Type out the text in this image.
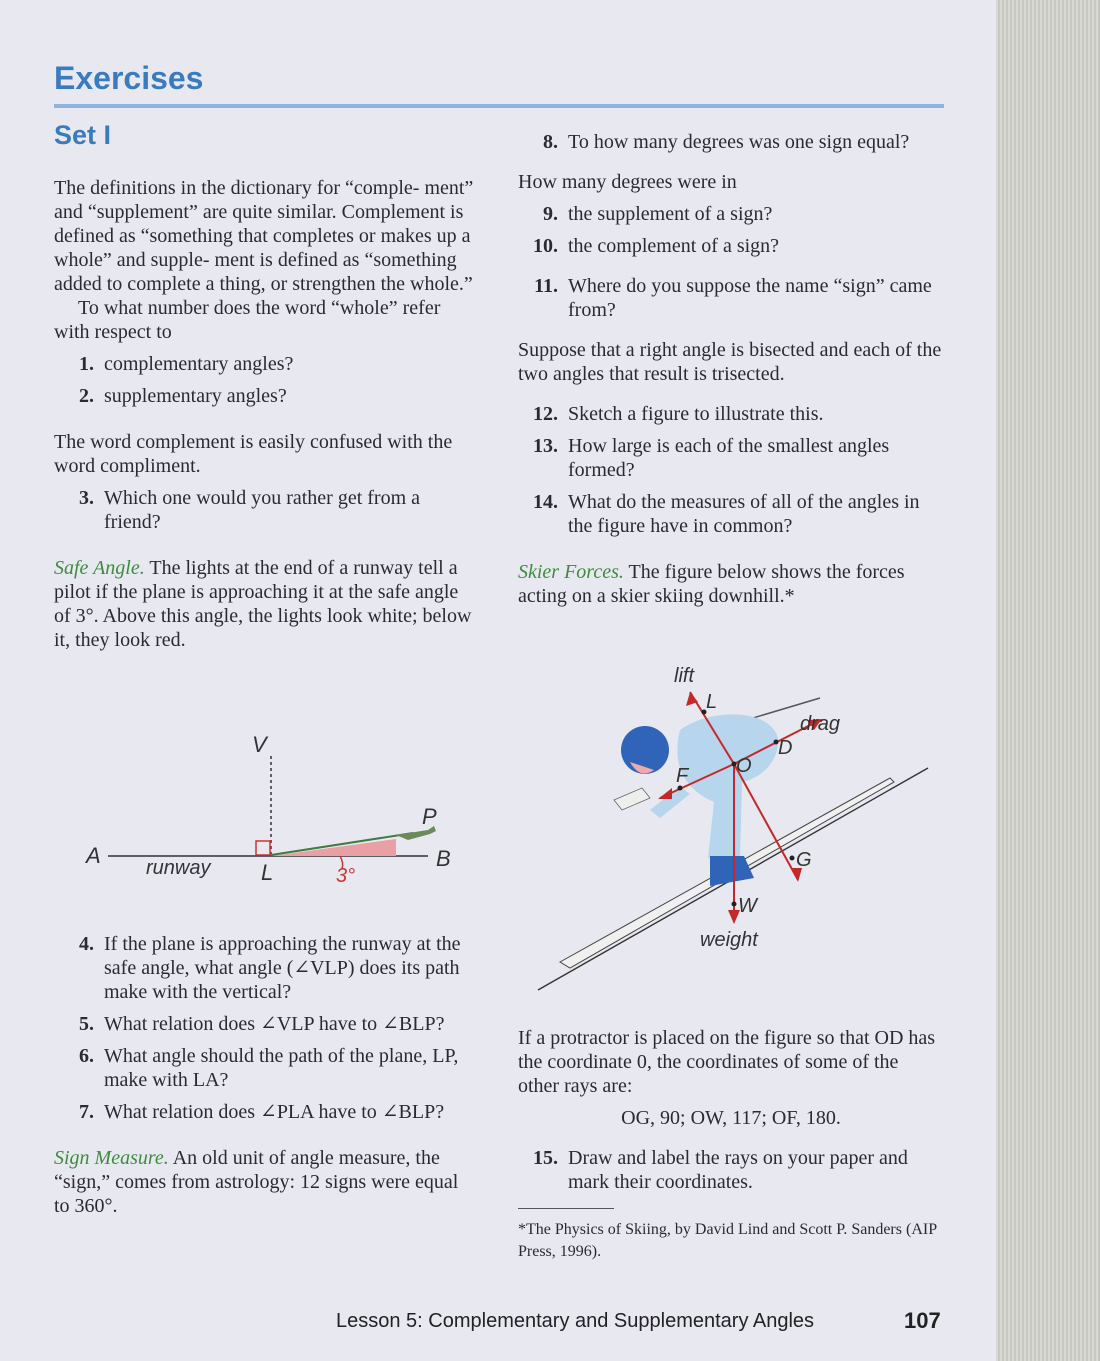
Exercises
Set I

The definitions in the dictionary for “comple- ment” and “supplement” are quite similar. Complement is defined as “something that completes or makes up a whole” and supple- ment is defined as “something added to complete a thing, or strengthen the whole.”

To what number does the word “whole” refer with respect to

1. complementary angles?
2. supplementary angles?

The word complement is easily confused with the word compliment.

3. Which one would you rather get from a friend?

Safe Angle. The lights at the end of a runway tell a pilot if the plane is approaching it at the safe angle of 3°. Above this angle, the lights look white; below it, they look red.

V
P
A	B
L
runway	3°
4. If the plane is approaching the runway at the safe angle, what angle (∠VLP) does its path make with the vertical?
5. What relation does ∠VLP have to ∠BLP?
6. What angle should the path of the plane, LP, make with LA?
7. What relation does ∠PLA have to ∠BLP?

Sign Measure. An old unit of angle measure, the “sign,” comes from astrology: 12 signs were equal to 360°.

8. To how many degrees was one sign equal?

How many degrees were in

9. the supplement of a sign?
10. the complement of a sign?
11. Where do you suppose the name “sign” came from?

Suppose that a right angle is bisected and each of the two angles that result is trisected.

12. Sketch a figure to illustrate this.
13. How large is each of the smallest angles formed?
14. What do the measures of all of the angles in the figure have in common?

Skier Forces. The figure below shows the forces acting on a skier skiing downhill.*

lift
L
drag
D
F O
G
W
weight

If a protractor is placed on the figure so that OD has the coordinate 0, the coordinates of some of the other rays are:

OG, 90; OW, 117; OF, 180.

15. Draw and label the rays on your paper and mark their coordinates.

*The Physics of Skiing, by David Lind and Scott P. Sanders (AIP Press, 1996).

Lesson 5: Complementary and Supplementary Angles	107
